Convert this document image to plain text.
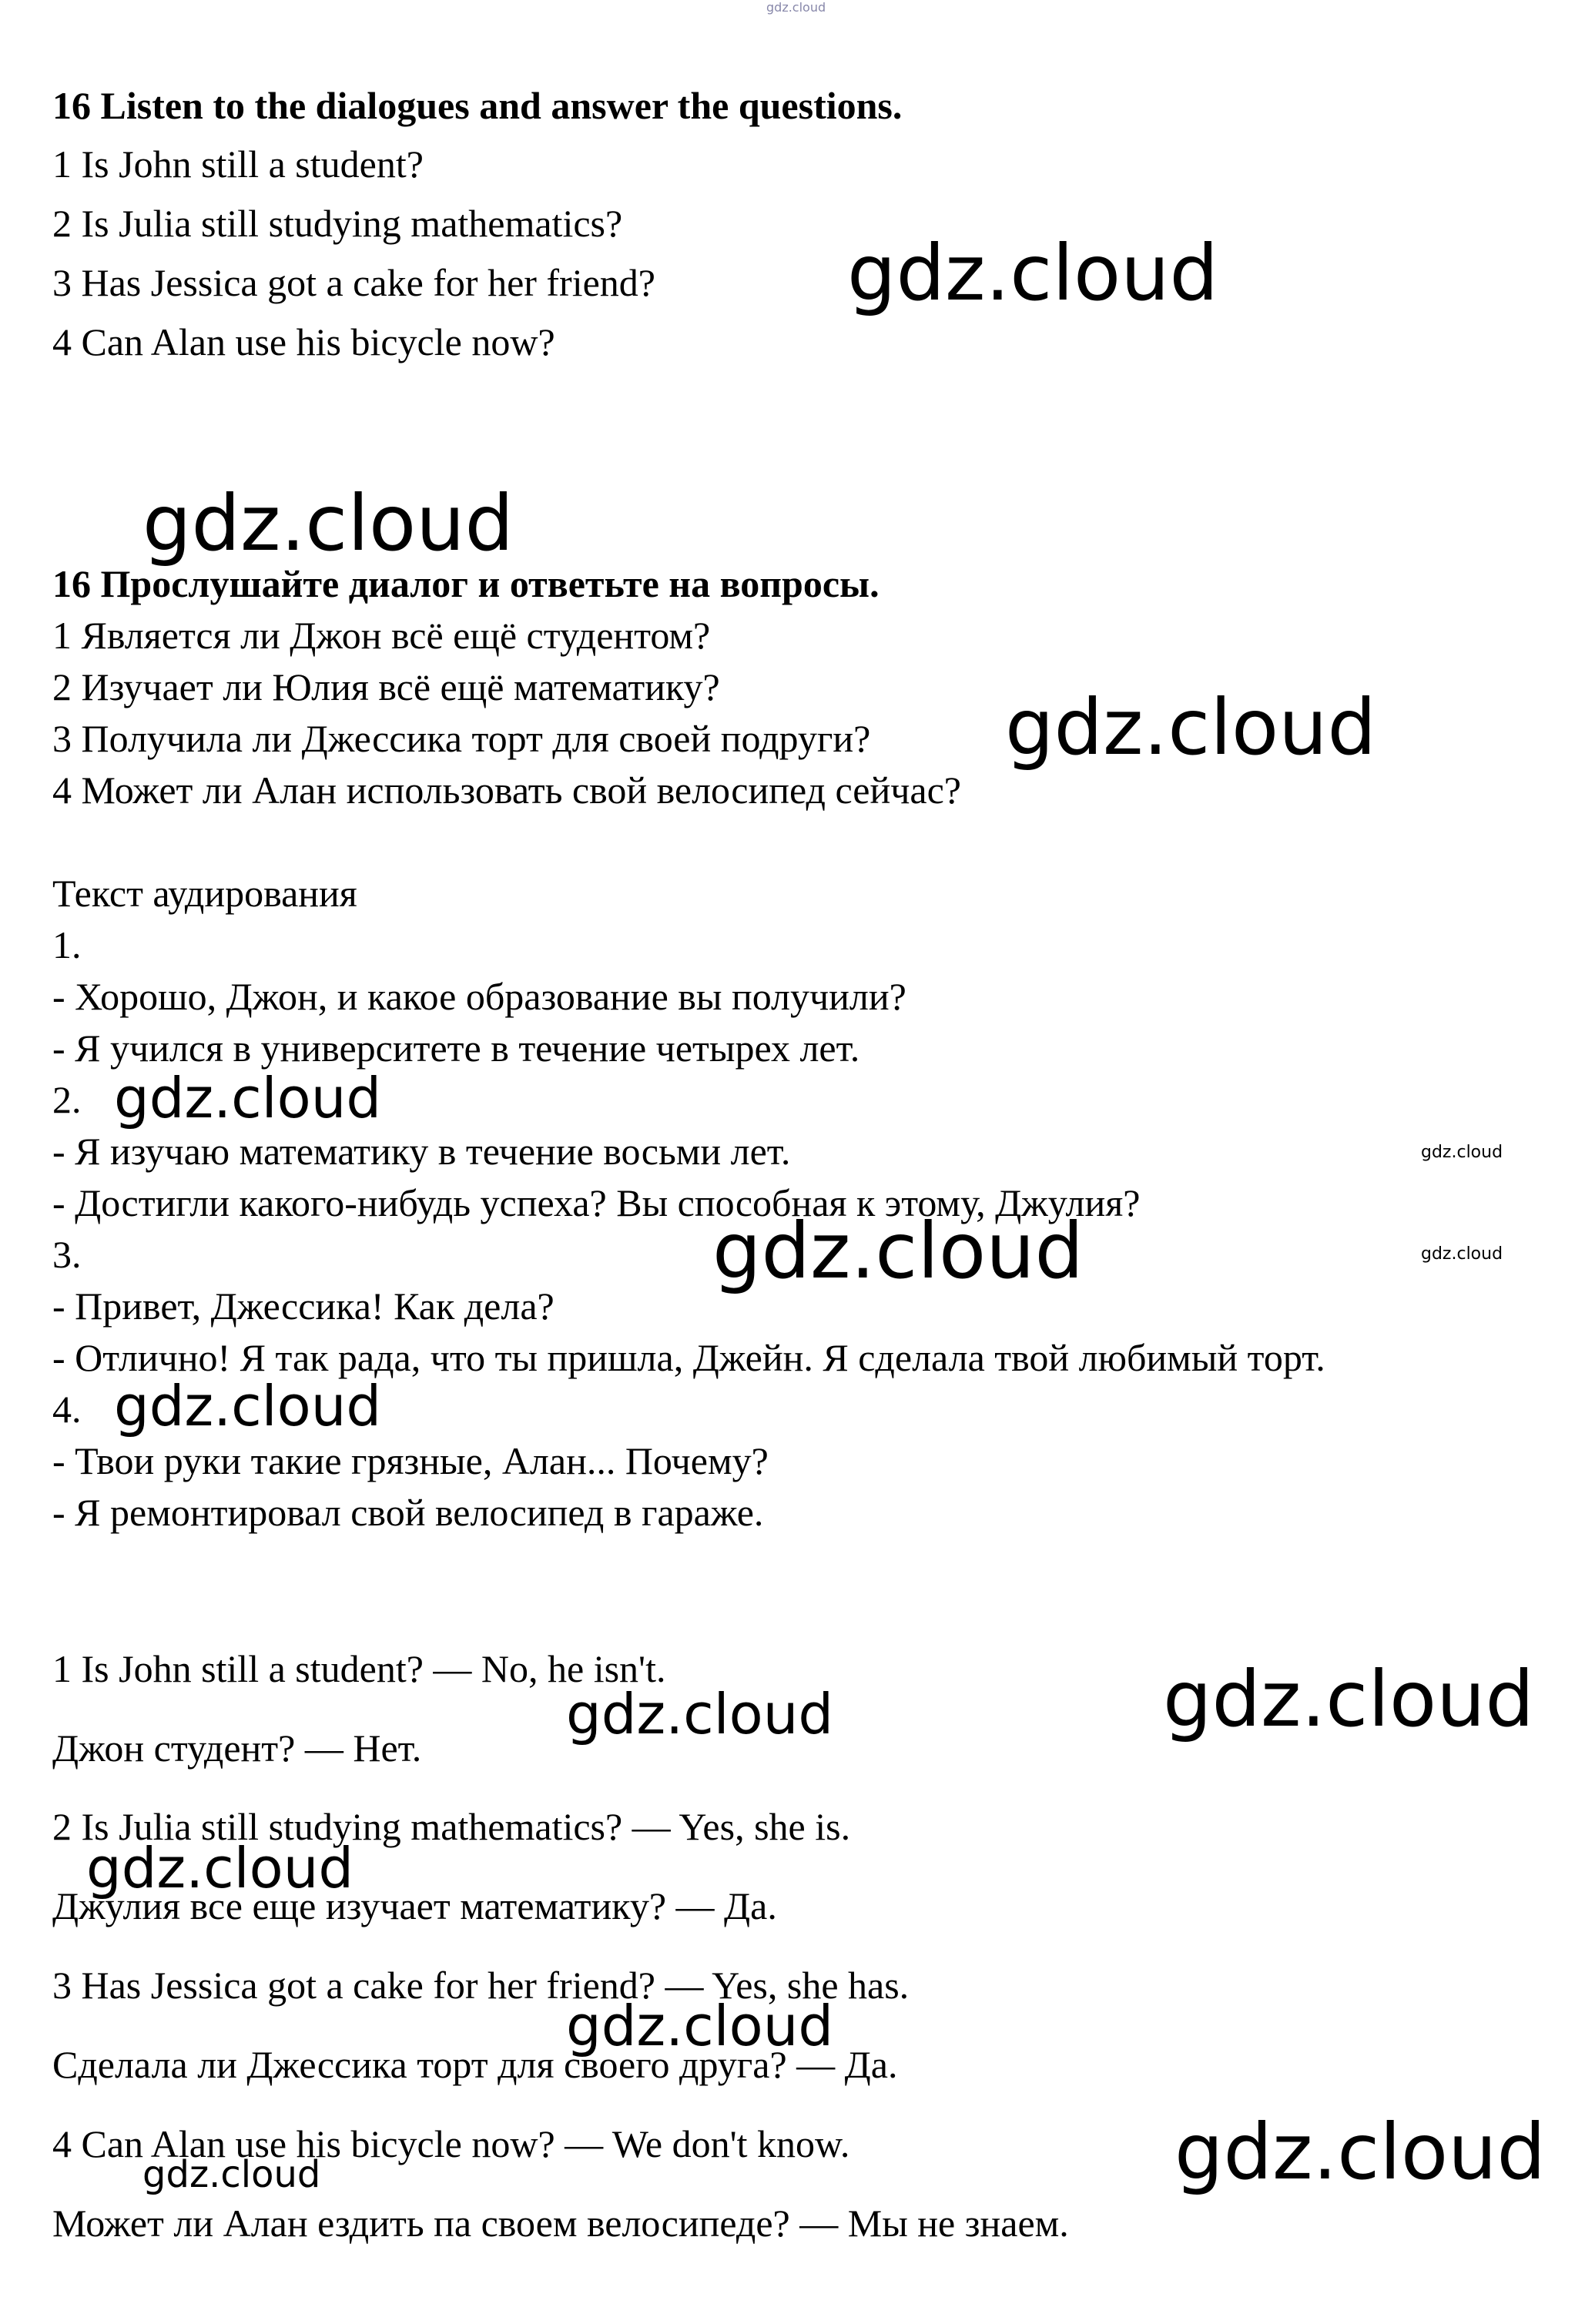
gdz.cloud
gdz.cloud
gdz.cloud
gdz.cloud
gdz.cloud
gdz.cloud
gdz.cloud	gdz.cloud
gdz.cloud
gdz.cloud
gdz.cloud
gdz.cloud
gdz.cloud
gdz.cloud
gdz.cloud
16 Listen to the dialogues and answer the questions.
1 Is John still a student?
2 Is Julia still studying mathematics?
3 Has Jessica got a cake for her friend?
4 Can Alan use his bicycle now?
16 Прослушайте диалог и ответьте на вопросы.
1 Является ли Джон всё ещё студентом?
2 Изучает ли Юлия всё ещё математику?
3 Получила ли Джессика торт для своей подруги?
4 Может ли Алан использовать свой велосипед сейчас?
Текст аудирования
1.
- Хорошо, Джон, и какое образование вы получили?
- Я учился в университете в течение четырех лет.
2.
- Я изучаю математику в течение восьми лет.
- Достигли какого-нибудь успеха? Вы способная к этому, Джулия?
3.
- Привет, Джессика! Как дела?
- Отлично! Я так рада, что ты пришла, Джейн. Я сделала твой любимый торт.
4.
- Твои руки такие грязные, Алан... Почему?
- Я ремонтировал свой велосипед в гараже.
1 Is John still a student? — No, he isn't.
Джон студент? — Нет.
2 Is Julia still studying mathematics? — Yes, she is.
Джулия все еще изучает математику? — Да.
3 Has Jessica got a cake for her friend? — Yes, she has.
Сделала ли Джессика торт для своего друга? — Да.
4 Can Alan use his bicycle now? — We don't know.
Может ли Алан ездить па своем велосипеде? — Мы не знаем.
